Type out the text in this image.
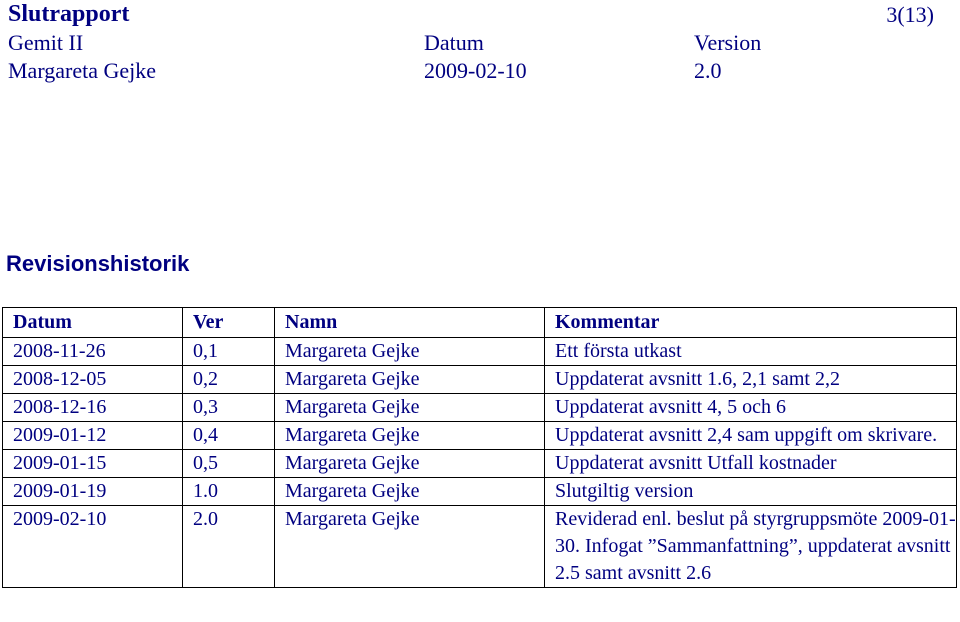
Slutrapport	3(13)
Gemit II	Datum	Version
Margareta Gejke	2009-02-10	2.0
Revisionshistorik
Datum	Ver	Namn	Kommentar
2008-11-26	0,1	Margareta Gejke	Ett första utkast
2008-12-05	0,2	Margareta Gejke	Uppdaterat avsnitt 1.6, 2,1 samt 2,2
2008-12-16	0,3	Margareta Gejke	Uppdaterat avsnitt 4, 5 och 6
2009-01-12	0,4	Margareta Gejke	Uppdaterat avsnitt 2,4 sam uppgift om skrivare.
2009-01-15	0,5	Margareta Gejke	Uppdaterat avsnitt Utfall kostnader
2009-01-19	1.0	Margareta Gejke	Slutgiltig version
2009-02-10	2.0	Margareta Gejke	Reviderad enl. beslut på styrgruppsmöte 2009-01-30. Infogat ”Sammanfattning”, uppdaterat avsnitt 2.5 samt avsnitt 2.6
